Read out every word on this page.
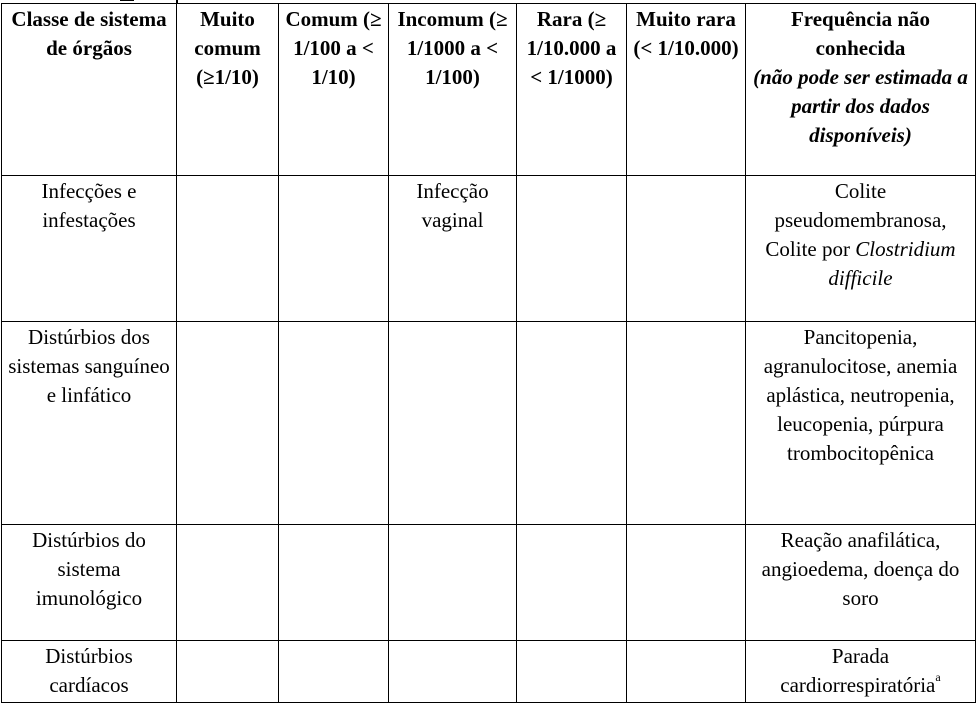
Classe de sistema de órgãos	Muito comum (≥1/10)	Comum (≥ 1/100 a < 1/10)	Incomum (≥ 1/1000 a < 1/100)	Rara (≥ 1/10.000 a < 1/1000)	Muito rara (< 1/10.000)	Frequência não conhecida
(não pode ser estimada a partir dos dados disponíveis)
Infecções e infestações			Infecção vaginal			Colite pseudomembranosa, Colite por Clostridium difficile
Distúrbios dos sistemas sanguíneo e linfático						Pancitopenia, agranulocitose, anemia aplástica, neutropenia, leucopenia, púrpura trombocitopênica
Distúrbios do sistema imunológico						Reação anafilática, angioedema, doença do soro
Distúrbios cardíacos						Parada cardiorrespiratória$^a$
